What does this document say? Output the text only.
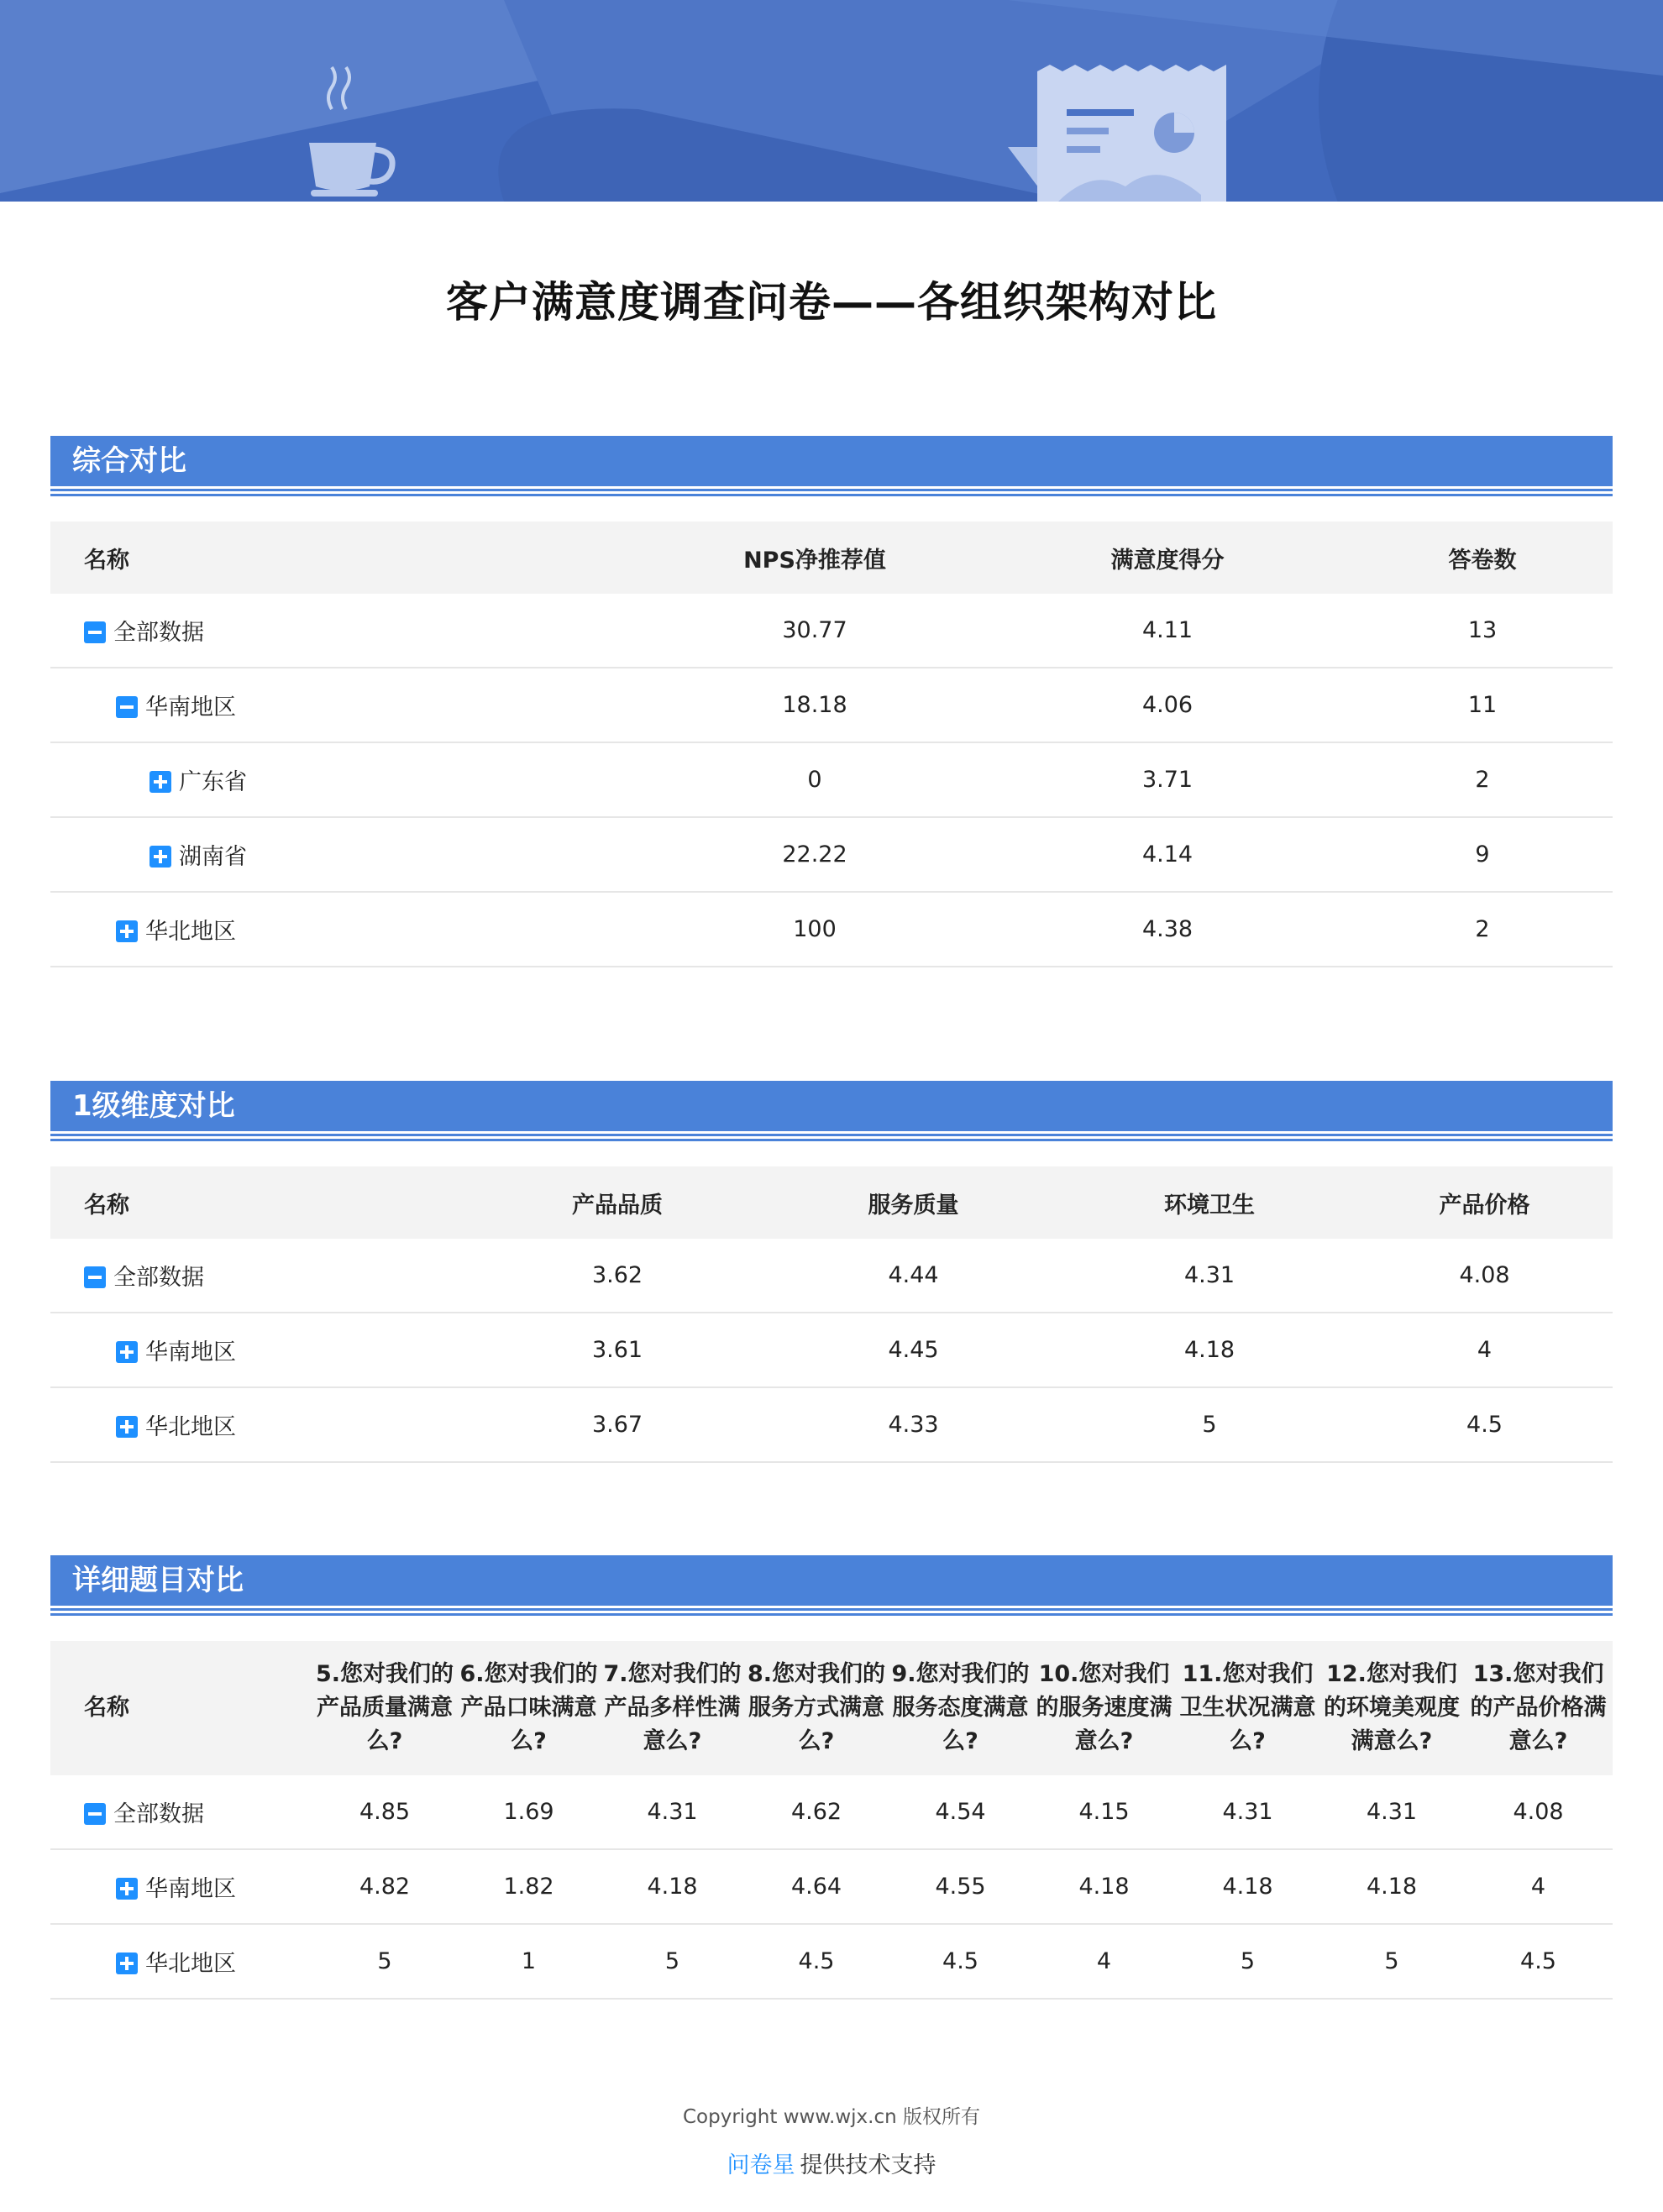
客户满意度调查问卷——各组织架构对比
综合对比
名称	NPS净推荐值	满意度得分	答卷数
全部数据	30.77	4.11	13
华南地区	18.18	4.06	11
广东省	0	3.71	2
湖南省	22.22	4.14	9
华北地区	100	4.38	2
1级维度对比
名称	产品品质	服务质量	环境卫生	产品价格
全部数据	3.62	4.44	4.31	4.08
华南地区	3.61	4.45	4.18	4
华北地区	3.67	4.33	5	4.5
详细题目对比
名称	5.您对我们的产品质量满意么?	6.您对我们的产品口味满意么?	7.您对我们的产品多样性满意么?	8.您对我们的服务方式满意么?	9.您对我们的服务态度满意么?	10.您对我们的服务速度满意么?	11.您对我们卫生状况满意么?	12.您对我们的环境美观度满意么?	13.您对我们的产品价格满意么?
全部数据	4.85	1.69	4.31	4.62	4.54	4.15	4.31	4.31	4.08
华南地区	4.82	1.82	4.18	4.64	4.55	4.18	4.18	4.18	4
华北地区	5	1	5	4.5	4.5	4	5	5	4.5
Copyright www.wjx.cn 版权所有
问卷星 提供技术支持
